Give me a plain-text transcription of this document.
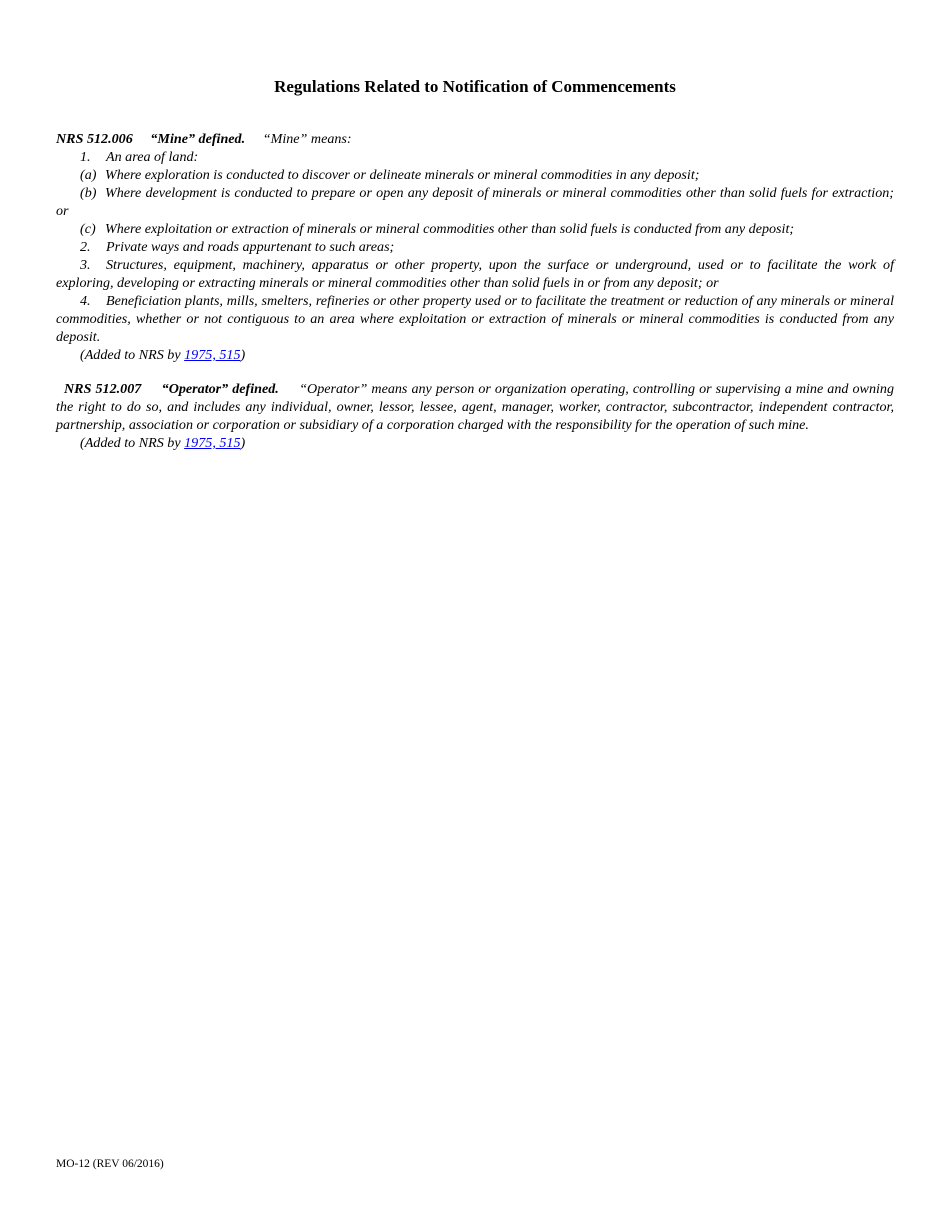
Regulations Related to Notification of Commencements

NRS 512.006 “Mine” defined. “Mine” means:

1. An area of land:

(a) Where exploration is conducted to discover or delineate minerals or mineral commodities in any deposit;

(b) Where development is conducted to prepare or open any deposit of minerals or mineral commodities other than solid fuels for extraction; or

(c) Where exploitation or extraction of minerals or mineral commodities other than solid fuels is conducted from any deposit;

2. Private ways and roads appurtenant to such areas;

3. Structures, equipment, machinery, apparatus or other property, upon the surface or underground, used or to facilitate the work of exploring, developing or extracting minerals or mineral commodities other than solid fuels in or from any deposit; or

4. Beneficiation plants, mills, smelters, refineries or other property used or to facilitate the treatment or reduction of any minerals or mineral commodities, whether or not contiguous to an area where exploitation or extraction of minerals or mineral commodities is conducted from any deposit.

(Added to NRS by 1975, 515)

NRS 512.007 “Operator” defined. “Operator” means any person or organization operating, controlling or supervising a mine and owning the right to do so, and includes any individual, owner, lessor, lessee, agent, manager, worker, contractor, subcontractor, independent contractor, partnership, association or corporation or subsidiary of a corporation charged with the responsibility for the operation of such mine.

(Added to NRS by 1975, 515)

MO-12 (REV 06/2016)
